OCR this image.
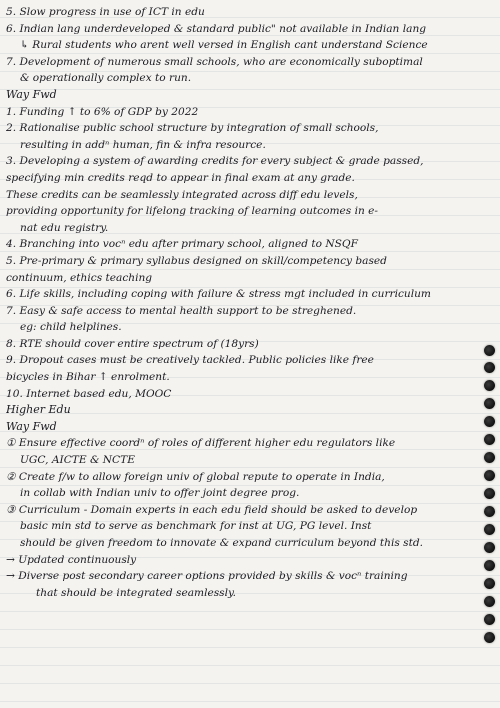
5. Slow progress in use of ICT in edu
6. Indian lang underdeveloped & standard public" not available in Indian lang
↳ Rural students who arent well versed in English cant understand Science
7. Development of numerous small schools, who are economically suboptimal
& operationally complex to run.
Way Fwd
1. Funding ↑ to 6% of GDP by 2022
2. Rationalise public school structure by integration of small schools,
resulting in addⁿ human, fin & infra resource.
3. Developing a system of awarding credits for every subject & grade passed,
specifying min credits reqd to appear in final exam at any grade.
These credits can be seamlessly integrated across diff edu levels,
providing opportunity for lifelong tracking of learning outcomes in e-
nat edu registry.
4. Branching into vocⁿ edu after primary school, aligned to NSQF
5. Pre-primary & primary syllabus designed on skill/competency based
continuum, ethics teaching
6. Life skills, including coping with failure & stress mgt included in curriculum
7. Easy & safe access to mental health support to be streghened.
eg: child helplines.
8. RTE should cover entire spectrum of (18yrs)
9. Dropout cases must be creatively tackled. Public policies like free
bicycles in Bihar ↑ enrolment.
10. Internet based edu, MOOC
Higher Edu
Way Fwd
① Ensure effective coordⁿ of roles of different higher edu regulators like
UGC, AICTE & NCTE
② Create f/w to allow foreign univ of global repute to operate in India,
in collab with Indian univ to offer joint degree prog.
③ Curriculum - Domain experts in each edu field should be asked to develop
basic min std to serve as benchmark for inst at UG, PG level. Inst
should be given freedom to innovate & expand curriculum beyond this std.
→ Updated continuously
→ Diverse post secondary career options provided by skills & vocⁿ training
that should be integrated seamlessly.
